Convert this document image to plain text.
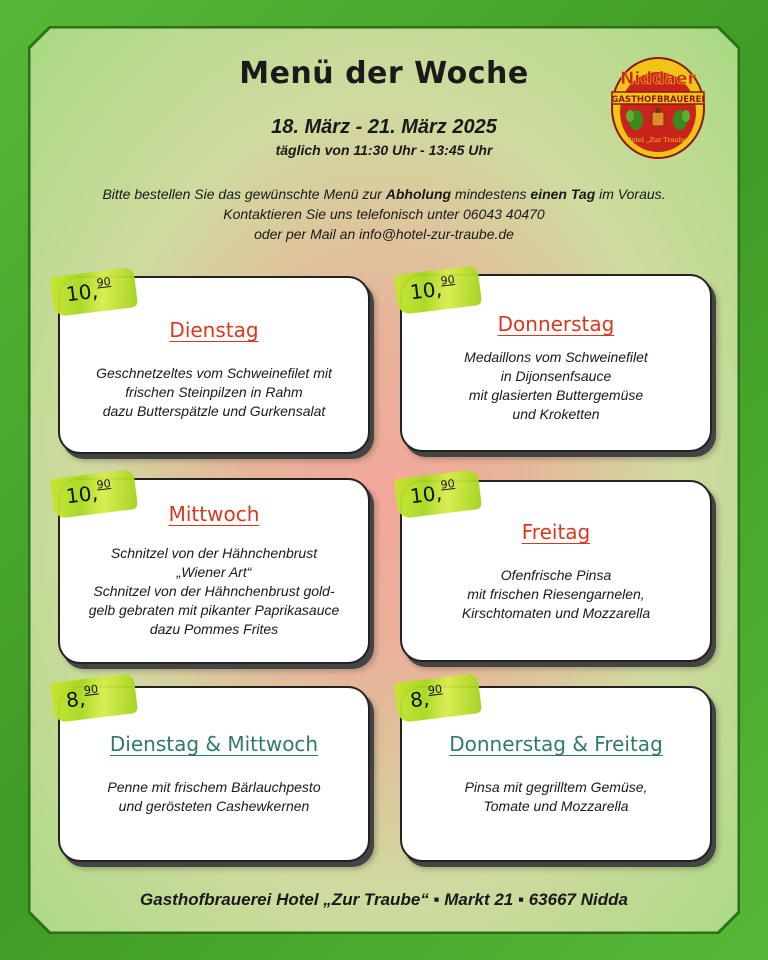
Menü der Woche
18. März - 21. März 2025
täglich von 11:30 Uhr - 13:45 Uhr
Bitte bestellen Sie das gewünschte Menü zur Abholung mindestens einen Tag im Voraus.
Kontaktieren Sie uns telefonisch unter 06043 40470
oder per Mail an info@hotel-zur-traube.de
Niddaer
GASTHOFBRAUEREI
Hotel „Zur Traube“
Dienstag
Geschnetzeltes vom Schweinefilet mit
frischen Steinpilzen in Rahm
dazu Butterspätzle und Gurkensalat
10,90
Donnerstag
Medaillons vom Schweinefilet
in Dijonsenfsauce
mit glasierten Buttergemüse
und Kroketten
10,90
Mittwoch
Schnitzel von der Hähnchenbrust
„Wiener Art“
Schnitzel von der Hähnchenbrust gold-
gelb gebraten mit pikanter Paprikasauce
dazu Pommes Frites
10,90
Freitag
Ofenfrische Pinsa
mit frischen Riesengarnelen,
Kirschtomaten und Mozzarella
10,90
Dienstag & Mittwoch
Penne mit frischem Bärlauchpesto
und gerösteten Cashewkernen
8,90
Donnerstag & Freitag
Pinsa mit gegrilltem Gemüse,
Tomate und Mozzarella
8,90
Gasthofbrauerei Hotel „Zur Traube“ ▪ Markt 21 ▪ 63667 Nidda
